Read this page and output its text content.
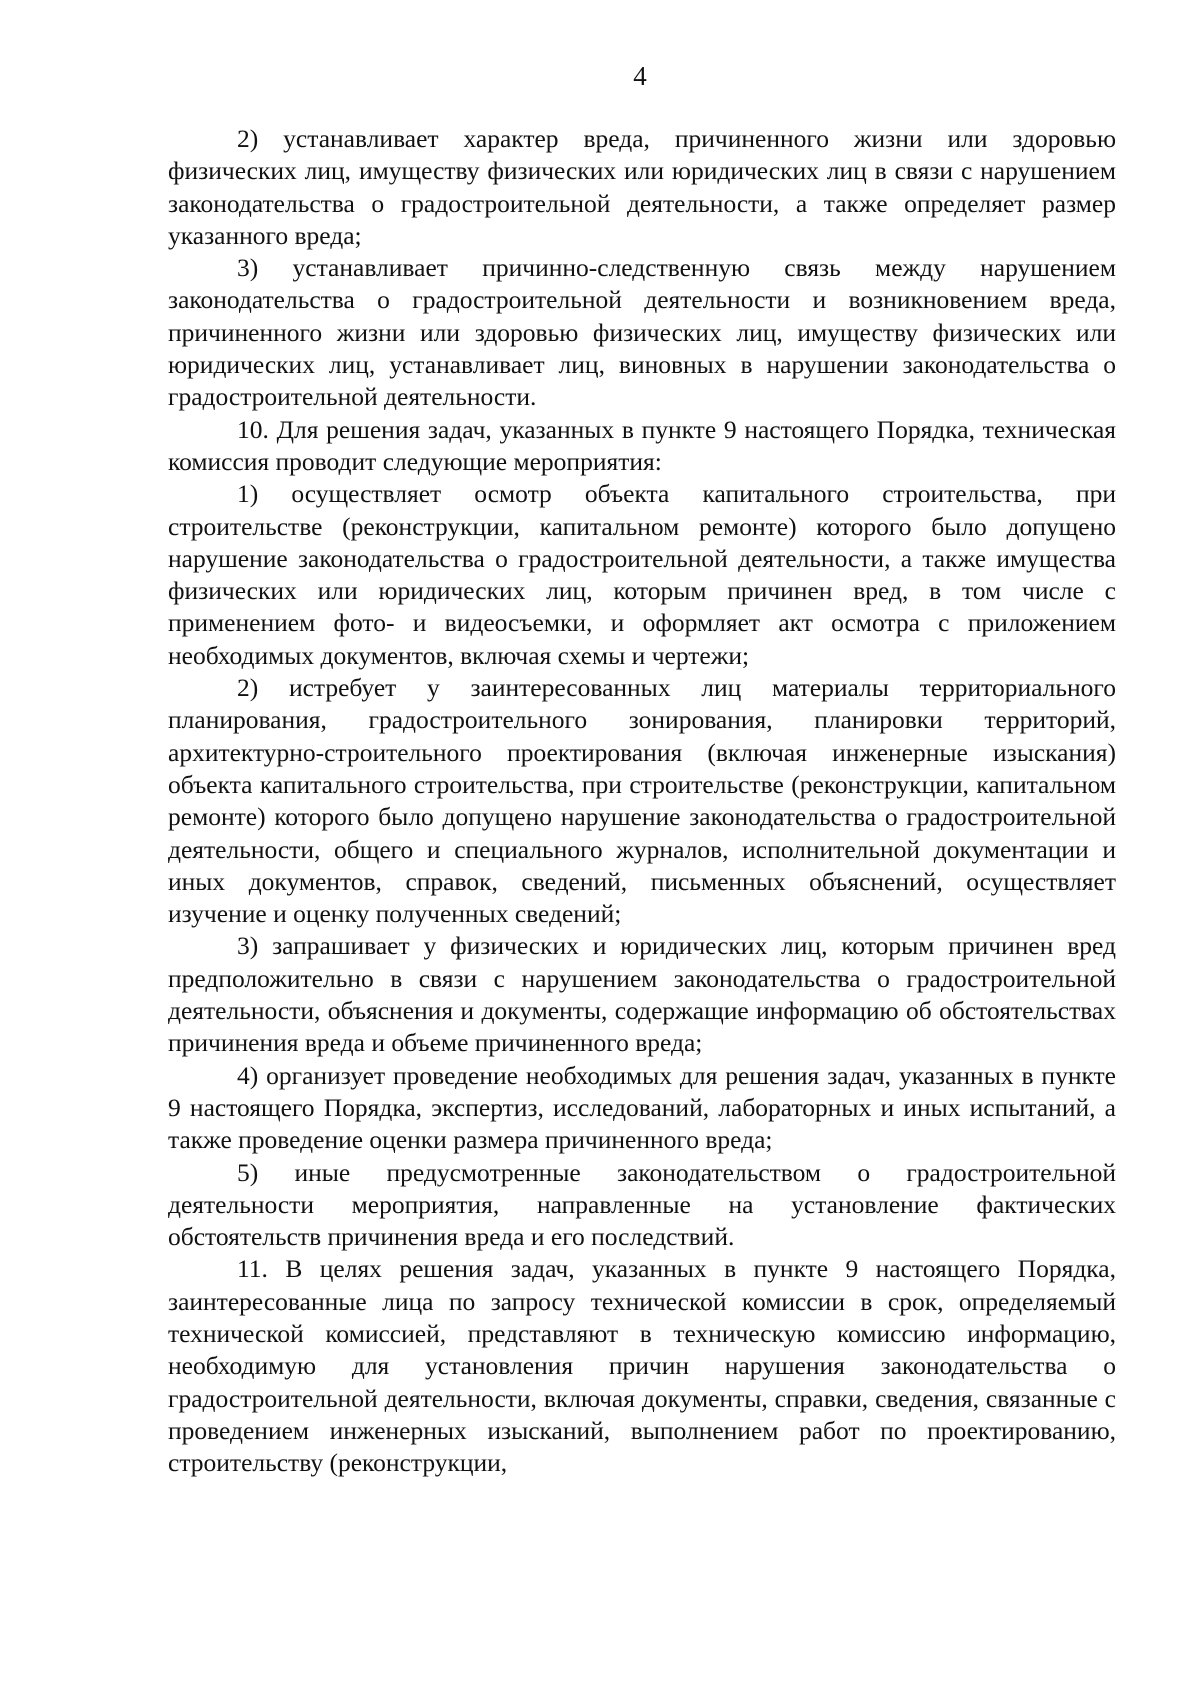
4

2) устанавливает характер вреда, причиненного жизни или здоровью физических лиц, имуществу физических или юридических лиц в связи с нарушением законодательства о градостроительной деятельности, а также определяет размер указанного вреда;

3) устанавливает причинно-следственную связь между нарушением законодательства о градостроительной деятельности и возникновением вреда, причиненного жизни или здоровью физических лиц, имуществу физических или юридических лиц, устанавливает лиц, виновных в нарушении законодательства о градостроительной деятельности.

10. Для решения задач, указанных в пункте 9 настоящего Порядка, техническая комиссия проводит следующие мероприятия:

1) осуществляет осмотр объекта капитального строительства, при строительстве (реконструкции, капитальном ремонте) которого было допущено нарушение законодательства о градостроительной деятельности, а также имущества физических или юридических лиц, которым причинен вред, в том числе с применением фото- и видеосъемки, и оформляет акт осмотра с приложением необходимых документов, включая схемы и чертежи;

2) истребует у заинтересованных лиц материалы территориального планирования, градостроительного зонирования, планировки территорий, архитектурно-строительного проектирования (включая инженерные изыскания) объекта капитального строительства, при строительстве (реконструкции, капитальном ремонте) которого было допущено нарушение законодательства о градостроительной деятельности, общего и специального журналов, исполнительной документации и иных документов, справок, сведений, письменных объяснений, осуществляет изучение и оценку полученных сведений;

3) запрашивает у физических и юридических лиц, которым причинен вред предположительно в связи с нарушением законодательства о градостроительной деятельности, объяснения и документы, содержащие информацию об обстоятельствах причинения вреда и объеме причиненного вреда;

4) организует проведение необходимых для решения задач, указанных в пункте 9 настоящего Порядка, экспертиз, исследований, лабораторных и иных испытаний, а также проведение оценки размера причиненного вреда;

5) иные предусмотренные законодательством о градостроительной деятельности мероприятия, направленные на установление фактических обстоятельств причинения вреда и его последствий.

11. В целях решения задач, указанных в пункте 9 настоящего Порядка, заинтересованные лица по запросу технической комиссии в срок, определяемый технической комиссией, представляют в техническую комиссию информацию, необходимую для установления причин нарушения законодательства о градостроительной деятельности, включая документы, справки, сведения, связанные с проведением инженерных изысканий, выполнением работ по проектированию, строительству (реконструкции,
